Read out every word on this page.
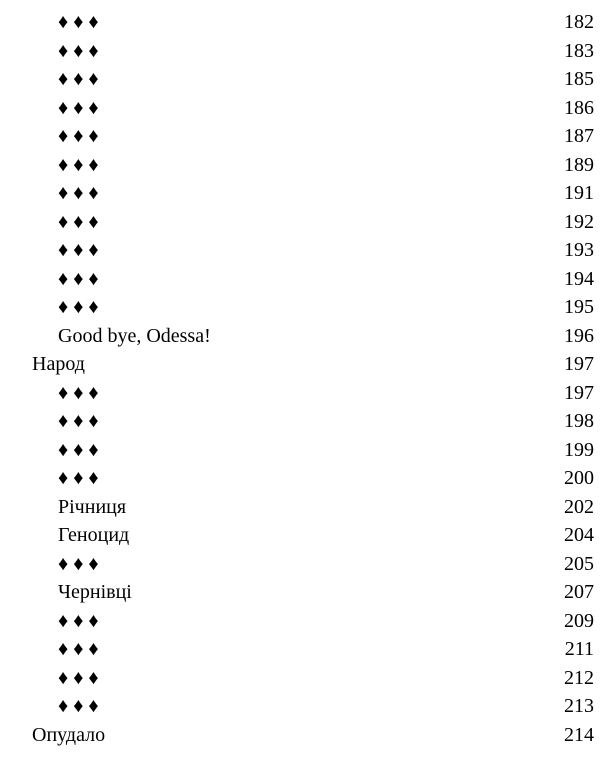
♦ ♦ ♦	182
♦ ♦ ♦	183
♦ ♦ ♦	185
♦ ♦ ♦	186
♦ ♦ ♦	187
♦ ♦ ♦	189
♦ ♦ ♦	191
♦ ♦ ♦	192
♦ ♦ ♦	193
♦ ♦ ♦	194
♦ ♦ ♦	195
Good bye, Odessa!	196
Народ	197
♦ ♦ ♦	197
♦ ♦ ♦	198
♦ ♦ ♦	199
♦ ♦ ♦	200
Річниця	202
Геноцид	204
♦ ♦ ♦	205
Чернівці	207
♦ ♦ ♦	209
♦ ♦ ♦	211
♦ ♦ ♦	212
♦ ♦ ♦	213
Опудало	214
